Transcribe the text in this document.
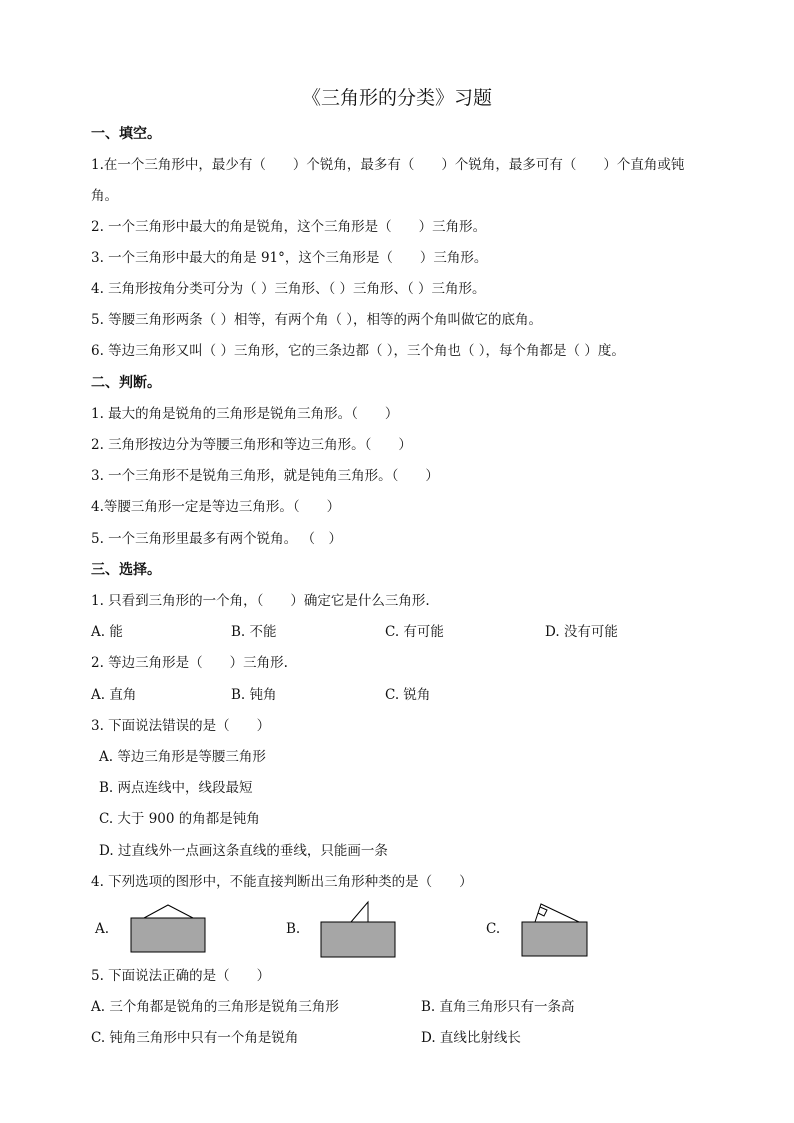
《三角形的分类》习题
一、填空。
1.在一个三角形中，最少有（　　）个锐角，最多有（　　）个锐角，最多可有（　　）个直角或钝
角。
2. 一个三角形中最大的角是锐角，这个三角形是（　　）三角形。
3. 一个三角形中最大的角是 91°，这个三角形是（　　）三角形。
4. 三角形按角分类可分为（ ）三角形、（ ）三角形、（ ）三角形。
5. 等腰三角形两条（ ）相等，有两个角（ ），相等的两个角叫做它的底角。
6. 等边三角形又叫（ ）三角形，它的三条边都（ ），三个角也（ ），每个角都是（ ）度。
二、判断。
1. 最大的角是锐角的三角形是锐角三角形。（　　）
2. 三角形按边分为等腰三角形和等边三角形。（　　）
3. 一个三角形不是锐角三角形，就是钝角三角形。（　　）
4.等腰三角形一定是等边三角形。（　　）
5. 一个三角形里最多有两个锐角。 （　）
三、选择。
1. 只看到三角形的一个角，（　　）确定它是什么三角形.
A. 能	B. 不能	C. 有可能	D. 没有可能
2. 等边三角形是（　　）三角形.
A. 直角	B. 钝角	C. 锐角
3. 下面说法错误的是（　　）
A. 等边三角形是等腰三角形
B. 两点连线中，线段最短
C. 大于 900 的角都是钝角
D. 过直线外一点画这条直线的垂线，只能画一条
4. 下列选项的图形中，不能直接判断出三角形种类的是（　　）
A.	B.	C.
5. 下面说法正确的是（　　）
A. 三个角都是锐角的三角形是锐角三角形	B. 直角三角形只有一条高
C. 钝角三角形中只有一个角是锐角	D. 直线比射线长
